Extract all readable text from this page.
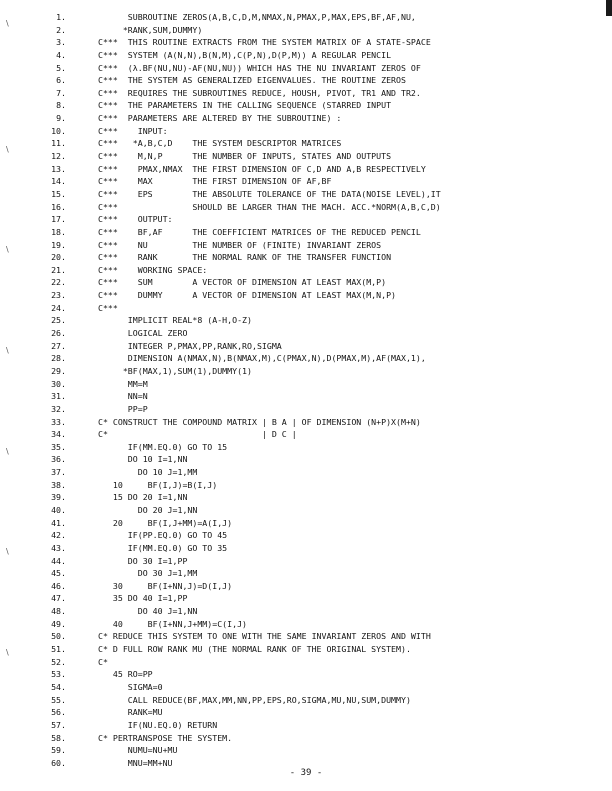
\
\
\
\
\
\
\
1.	SUBROUTINE ZEROS(A,B,C,D,M,NMAX,N,PMAX,P,MAX,EPS,BF,AF,NU,
2.	*RANK,SUM,DUMMY)
3.	C***  THIS ROUTINE EXTRACTS FROM THE SYSTEM MATRIX OF A STATE-SPACE
4.	C***  SYSTEM (A(N,N),B(N,M),C(P,N),D(P,M)) A REGULAR PENCIL
5.	C***  (λ.BF(NU,NU)-AF(NU,NU)) WHICH HAS THE NU INVARIANT ZEROS OF
6.	C***  THE SYSTEM AS GENERALIZED EIGENVALUES. THE ROUTINE ZEROS
7.	C***  REQUIRES THE SUBROUTINES REDUCE, HOUSH, PIVOT, TR1 AND TR2.
8.	C***  THE PARAMETERS IN THE CALLING SEQUENCE (STARRED INPUT
9.	C***  PARAMETERS ARE ALTERED BY THE SUBROUTINE) :
10.	C***    INPUT:
11.	C***   *A,B,C,D    THE SYSTEM DESCRIPTOR MATRICES
12.	C***    M,N,P      THE NUMBER OF INPUTS, STATES AND OUTPUTS
13.	C***    PMAX,NMAX  THE FIRST DIMENSION OF C,D AND A,B RESPECTIVELY
14.	C***    MAX        THE FIRST DIMENSION OF AF,BF
15.	C***    EPS        THE ABSOLUTE TOLERANCE OF THE DATA(NOISE LEVEL),IT
16.	C***               SHOULD BE LARGER THAN THE MACH. ACC.*NORM(A,B,C,D)
17.	C***    OUTPUT:
18.	C***    BF,AF      THE COEFFICIENT MATRICES OF THE REDUCED PENCIL
19.	C***    NU         THE NUMBER OF (FINITE) INVARIANT ZEROS
20.	C***    RANK       THE NORMAL RANK OF THE TRANSFER FUNCTION
21.	C***    WORKING SPACE:
22.	C***    SUM        A VECTOR OF DIMENSION AT LEAST MAX(M,P)
23.	C***    DUMMY      A VECTOR OF DIMENSION AT LEAST MAX(M,N,P)
24.	C***
25.	IMPLICIT REAL*8 (A-H,O-Z)
26.	LOGICAL ZERO
27.	INTEGER P,PMAX,PP,RANK,RO,SIGMA
28.	DIMENSION A(NMAX,N),B(NMAX,M),C(PMAX,N),D(PMAX,M),AF(MAX,1),
29.	*BF(MAX,1),SUM(1),DUMMY(1)
30.	MM=M
31.	NN=N
32.	PP=P
33.	C* CONSTRUCT THE COMPOUND MATRIX | B A | OF DIMENSION (N+P)X(M+N)
34.	C*                               | D C |
35.	IF(MM.EQ.0) GO TO 15
36.	DO 10 I=1,NN
37.	DO 10 J=1,MM
38.	10     BF(I,J)=B(I,J)
39.	15 DO 20 I=1,NN
40.	DO 20 J=1,NN
41.	20     BF(I,J+MM)=A(I,J)
42.	IF(PP.EQ.0) GO TO 45
43.	IF(MM.EQ.0) GO TO 35
44.	DO 30 I=1,PP
45.	DO 30 J=1,MM
46.	30     BF(I+NN,J)=D(I,J)
47.	35 DO 40 I=1,PP
48.	DO 40 J=1,NN
49.	40     BF(I+NN,J+MM)=C(I,J)
50.	C* REDUCE THIS SYSTEM TO ONE WITH THE SAME INVARIANT ZEROS AND WITH
51.	C* D FULL ROW RANK MU (THE NORMAL RANK OF THE ORIGINAL SYSTEM).
52.	C*
53.	45 RO=PP
54.	SIGMA=0
55.	CALL REDUCE(BF,MAX,MM,NN,PP,EPS,RO,SIGMA,MU,NU,SUM,DUMMY)
56.	RANK=MU
57.	IF(NU.EQ.0) RETURN
58.	C* PERTRANSPOSE THE SYSTEM.
59.	NUMU=NU+MU
60.	MNU=MM+NU
- 39 -
